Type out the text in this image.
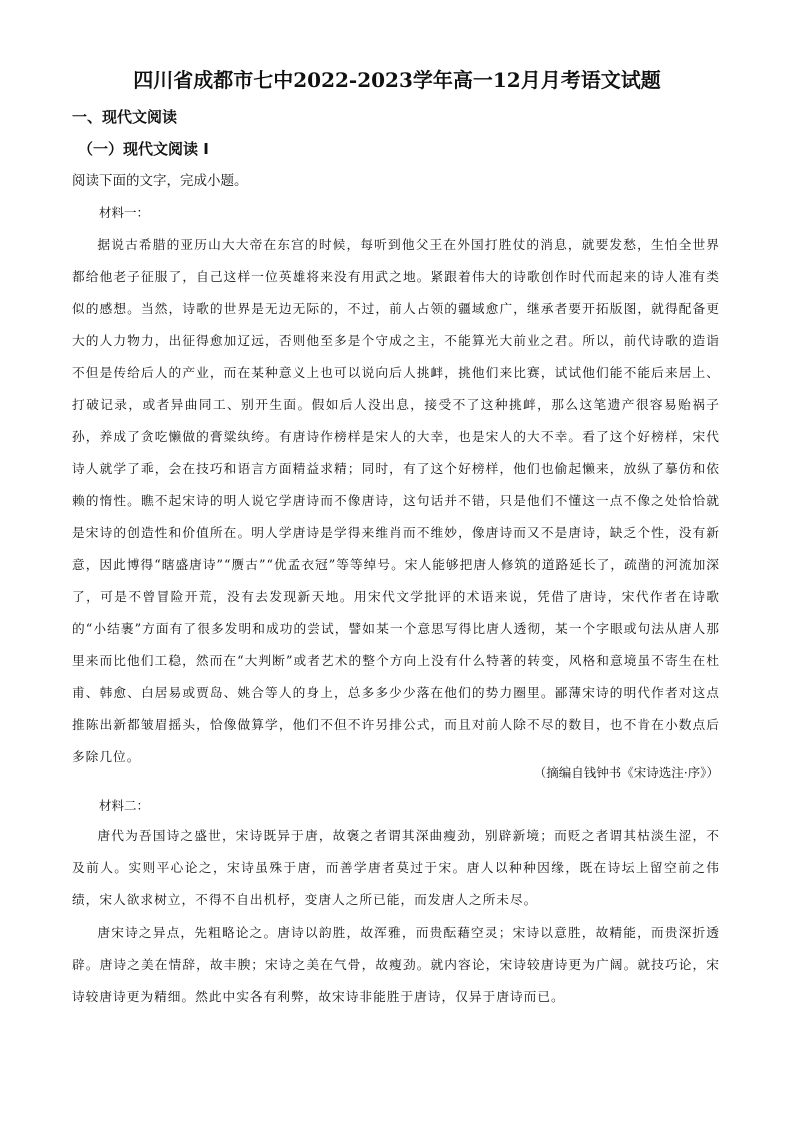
四川省成都市七中2022-2023学年高一12月月考语文试题
一、现代文阅读
（一）现代文阅读 I

阅读下面的文字，完成小题。

材料一：

据说古希腊的亚历山大大帝在东宫的时候，每听到他父王在外国打胜仗的消息，就要发愁，生怕全世界都给他老子征服了，自己这样一位英雄将来没有用武之地。紧跟着伟大的诗歌创作时代而起来的诗人准有类似的感想。当然，诗歌的世界是无边无际的，不过，前人占领的疆域愈广，继承者要开拓版图，就得配备更大的人力物力，出征得愈加辽远，否则他至多是个守成之主，不能算光大前业之君。所以，前代诗歌的造诣不但是传给后人的产业，而在某种意义上也可以说向后人挑衅，挑他们来比赛，试试他们能不能后来居上、打破记录，或者异曲同工、别开生面。假如后人没出息，接受不了这种挑衅，那么这笔遗产很容易贻祸子孙，养成了贪吃懒做的膏粱纨绔。有唐诗作榜样是宋人的大幸，也是宋人的大不幸。看了这个好榜样，宋代诗人就学了乖，会在技巧和语言方面精益求精；同时，有了这个好榜样，他们也偷起懒来，放纵了摹仿和依赖的惰性。瞧不起宋诗的明人说它学唐诗而不像唐诗，这句话并不错，只是他们不懂这一点不像之处恰恰就是宋诗的创造性和价值所在。明人学唐诗是学得来维肖而不维妙，像唐诗而又不是唐诗，缺乏个性，没有新意，因此博得“瞎盛唐诗”“赝古”“优孟衣冠”等等绰号。宋人能够把唐人修筑的道路延长了，疏凿的河流加深了，可是不曾冒险开荒，没有去发现新天地。用宋代文学批评的术语来说，凭借了唐诗，宋代作者在诗歌的“小结裹”方面有了很多发明和成功的尝试，譬如某一个意思写得比唐人透彻，某一个字眼或句法从唐人那里来而比他们工稳，然而在“大判断”或者艺术的整个方向上没有什么特著的转变，风格和意境虽不寄生在杜甫、韩愈、白居易或贾岛、姚合等人的身上，总多多少少落在他们的势力圈里。鄙薄宋诗的明代作者对这点推陈出新都皱眉摇头，恰像做算学，他们不但不许另排公式，而且对前人除不尽的数目，也不肯在小数点后多除几位。

（摘编自钱钟书《宋诗选注·序》）

材料二：

唐代为吾国诗之盛世，宋诗既异于唐，故褒之者谓其深曲瘦劲，别辟新境；而贬之者谓其枯淡生涩，不及前人。实则平心论之，宋诗虽殊于唐，而善学唐者莫过于宋。唐人以种种因缘，既在诗坛上留空前之伟绩，宋人欲求树立，不得不自出机杼，变唐人之所已能，而发唐人之所未尽。

唐宋诗之异点，先粗略论之。唐诗以韵胜，故浑雅，而贵酝藉空灵；宋诗以意胜，故精能，而贵深折透辟。唐诗之美在情辞，故丰腴；宋诗之美在气骨，故瘦劲。就内容论，宋诗较唐诗更为广阔。就技巧论，宋诗较唐诗更为精细。然此中实各有利弊，故宋诗非能胜于唐诗，仅异于唐诗而已。
